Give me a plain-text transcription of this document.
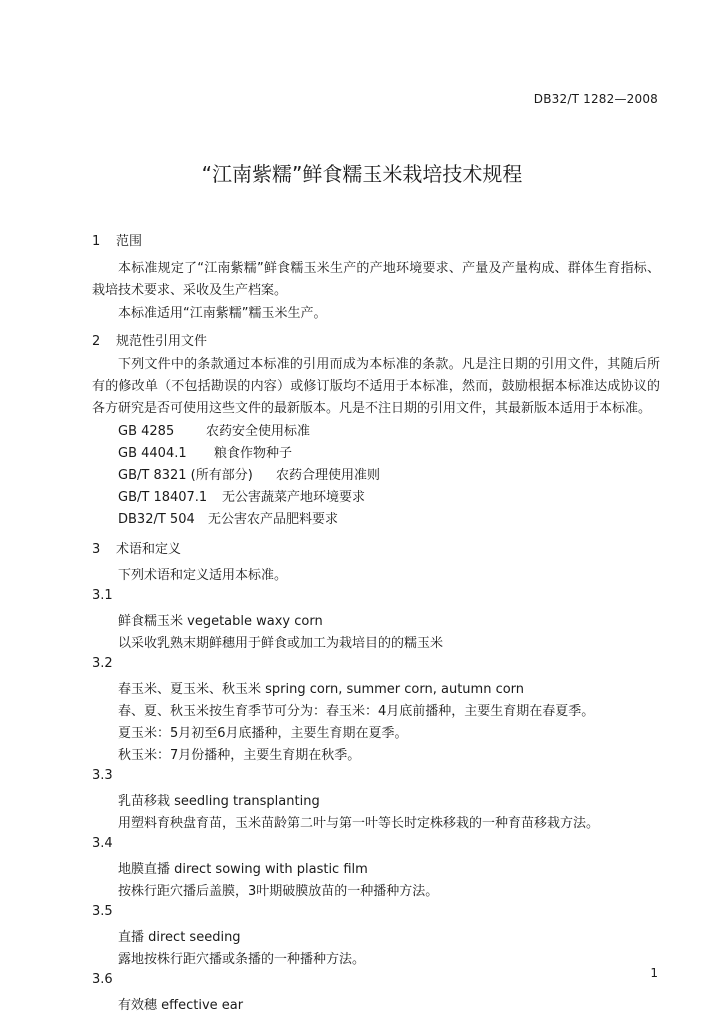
DB32/T 1282—2008
“江南紫糯”鲜食糯玉米栽培技术规程
1 范围
本标准规定了“江南紫糯”鲜食糯玉米生产的产地环境要求、产量及产量构成、群体生育指标、栽培技术要求、采收及生产档案。
本标准适用“江南紫糯”糯玉米生产。
2 规范性引用文件
下列文件中的条款通过本标准的引用而成为本标准的条款。凡是注日期的引用文件，其随后所有的修改单（不包括勘误的内容）或修订版均不适用于本标准，然而，鼓励根据本标准达成协议的各方研究是否可使用这些文件的最新版本。凡是不注日期的引用文件，其最新版本适用于本标准。
GB 4285 农药安全使用标准
GB 4404.1 粮食作物种子
GB/T 8321 (所有部分) 农药合理使用准则
GB/T 18407.1 无公害蔬菜产地环境要求
DB32/T 504 无公害农产品肥料要求
3 术语和定义
下列术语和定义适用本标准。
3.1
鲜食糯玉米 vegetable waxy corn
以采收乳熟末期鲜穗用于鲜食或加工为栽培目的的糯玉米
3.2
春玉米、夏玉米、秋玉米 spring corn, summer corn, autumn corn
春、夏、秋玉米按生育季节可分为：春玉米：4月底前播种，主要生育期在春夏季。
夏玉米：5月初至6月底播种，主要生育期在夏季。
秋玉米：7月份播种，主要生育期在秋季。
3.3
乳苗移栽 seedling transplanting
用塑料育秧盘育苗，玉米苗龄第二叶与第一叶等长时定株移栽的一种育苗移栽方法。
3.4
地膜直播 direct sowing with plastic film
按株行距穴播后盖膜，3叶期破膜放苗的一种播种方法。
3.5
直播 direct seeding
露地按株行距穴播或条播的一种播种方法。
3.6
有效穗 effective ear
1
